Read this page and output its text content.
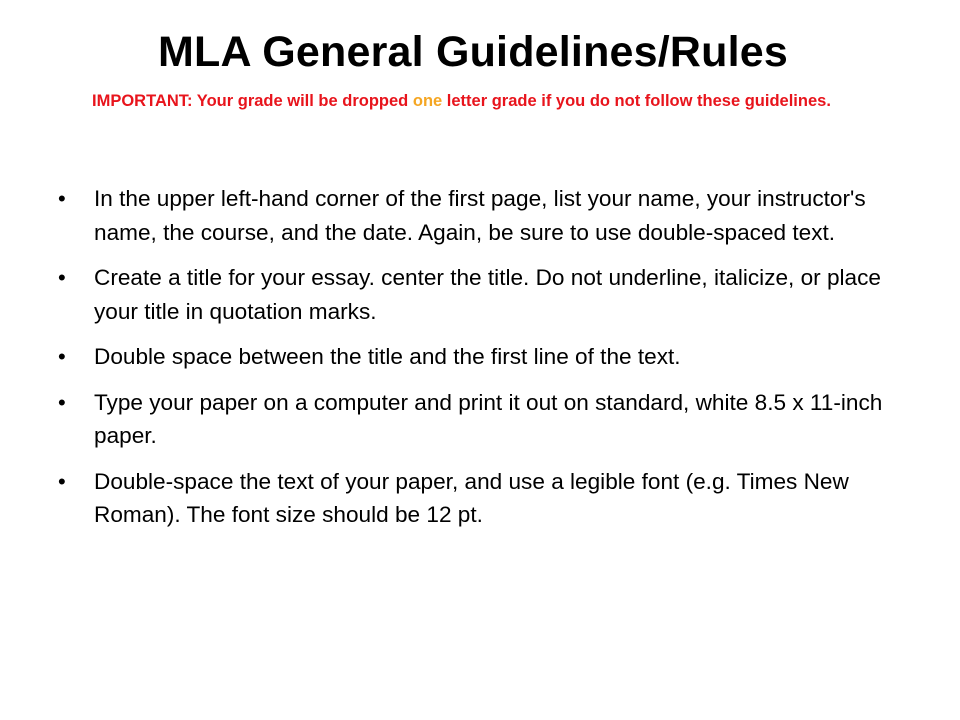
MLA General Guidelines/Rules
IMPORTANT: Your grade will be dropped one letter grade if you do not follow these guidelines.
• In the upper left-hand corner of the first page, list your name, your instructor's name, the course, and the date. Again, be sure to use double-spaced text.
• Create a title for your essay. center the title. Do not underline, italicize, or place your title in quotation marks.
• Double space between the title and the first line of the text.
• Type your paper on a computer and print it out on standard, white 8.5 x 11-inch paper.
• Double-space the text of your paper, and use a legible font (e.g. Times New Roman). The font size should be 12 pt.
